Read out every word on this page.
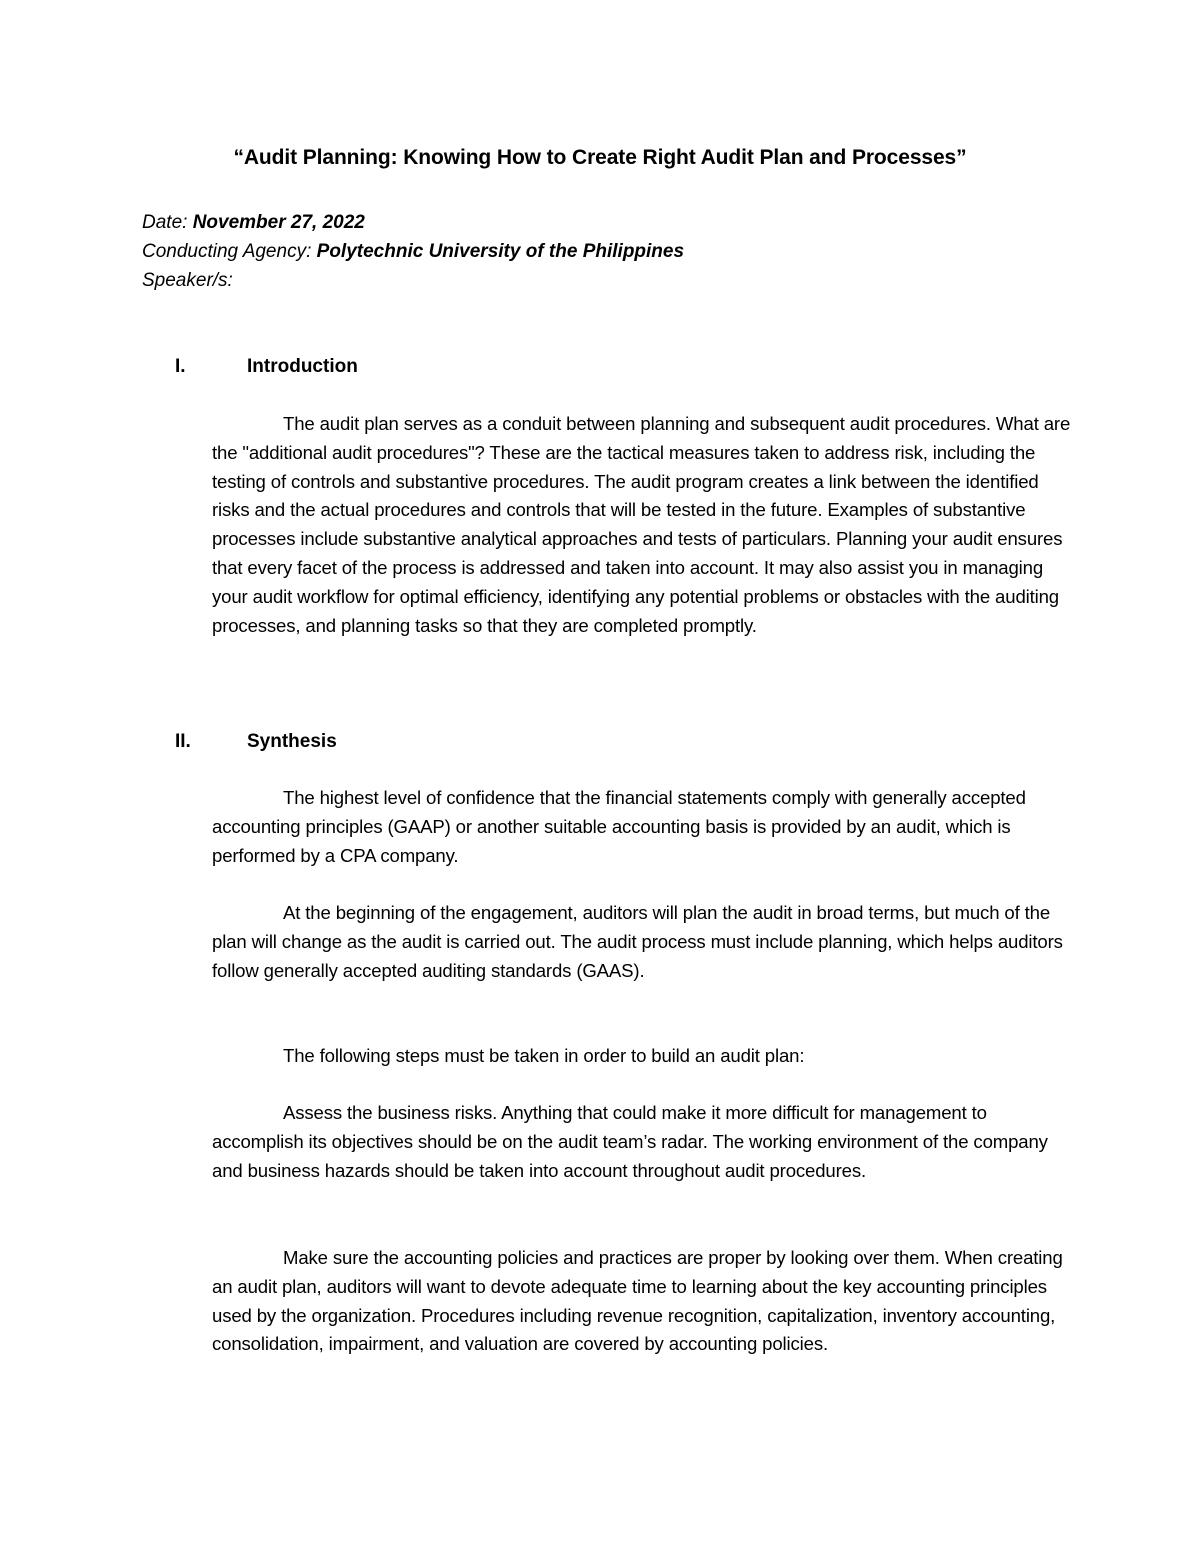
“Audit Planning: Knowing How to Create Right Audit Plan and Processes”
Date: November 27, 2022
Conducting Agency: Polytechnic University of the Philippines
Speaker/s:
I.	Introduction

The audit plan serves as a conduit between planning and subsequent audit procedures. What are the "additional audit procedures"? These are the tactical measures taken to address risk, including the testing of controls and substantive procedures. The audit program creates a link between the identified risks and the actual procedures and controls that will be tested in the future. Examples of substantive processes include substantive analytical approaches and tests of particulars. Planning your audit ensures that every facet of the process is addressed and taken into account. It may also assist you in managing your audit workflow for optimal efficiency, identifying any potential problems or obstacles with the auditing processes, and planning tasks so that they are completed promptly.

II.	Synthesis

The highest level of confidence that the financial statements comply with generally accepted accounting principles (GAAP) or another suitable accounting basis is provided by an audit, which is performed by a CPA company.

At the beginning of the engagement, auditors will plan the audit in broad terms, but much of the plan will change as the audit is carried out. The audit process must include planning, which helps auditors follow generally accepted auditing standards (GAAS).

The following steps must be taken in order to build an audit plan:

Assess the business risks. Anything that could make it more difficult for management to accomplish its objectives should be on the audit team’s radar. The working environment of the company and business hazards should be taken into account throughout audit procedures.

Make sure the accounting policies and practices are proper by looking over them. When creating an audit plan, auditors will want to devote adequate time to learning about the key accounting principles used by the organization. Procedures including revenue recognition, capitalization, inventory accounting, consolidation, impairment, and valuation are covered by accounting policies.
